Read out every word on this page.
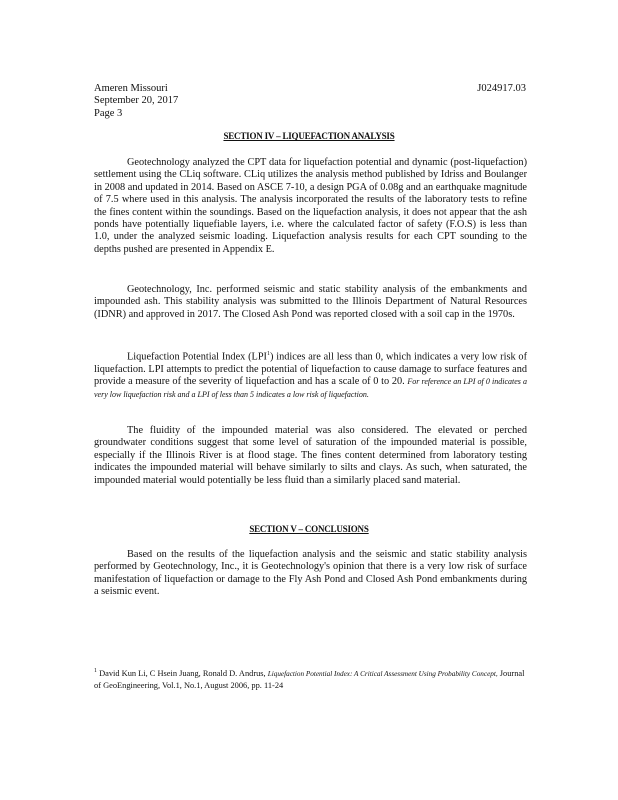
Ameren Missouri
September 20, 2017
Page 3
J024917.03
SECTION IV – LIQUEFACTION ANALYSIS
Geotechnology analyzed the CPT data for liquefaction potential and dynamic (post-liquefaction) settlement using the CLiq software. CLiq utilizes the analysis method published by Idriss and Boulanger in 2008 and updated in 2014. Based on ASCE 7-10, a design PGA of 0.08g and an earthquake magnitude of 7.5 where used in this analysis. The analysis incorporated the results of the laboratory tests to refine the fines content within the soundings. Based on the liquefaction analysis, it does not appear that the ash ponds have potentially liquefiable layers, i.e. where the calculated factor of safety (F.O.S) is less than 1.0, under the analyzed seismic loading. Liquefaction analysis results for each CPT sounding to the depths pushed are presented in Appendix E.
Geotechnology, Inc. performed seismic and static stability analysis of the embankments and impounded ash. This stability analysis was submitted to the Illinois Department of Natural Resources (IDNR) and approved in 2017. The Closed Ash Pond was reported closed with a soil cap in the 1970s.
Liquefaction Potential Index (LPI$^1$) indices are all less than 0, which indicates a very low risk of liquefaction. LPI attempts to predict the potential of liquefaction to cause damage to surface features and provide a measure of the severity of liquefaction and has a scale of 0 to 20. For reference an LPI of 0 indicates a very low liquefaction risk and a LPI of less than 5 indicates a low risk of liquefaction.
The fluidity of the impounded material was also considered. The elevated or perched groundwater conditions suggest that some level of saturation of the impounded material is possible, especially if the Illinois River is at flood stage. The fines content determined from laboratory testing indicates the impounded material will behave similarly to silts and clays. As such, when saturated, the impounded material would potentially be less fluid than a similarly placed sand material.
SECTION V – CONCLUSIONS
Based on the results of the liquefaction analysis and the seismic and static stability analysis performed by Geotechnology, Inc., it is Geotechnology's opinion that there is a very low risk of surface manifestation of liquefaction or damage to the Fly Ash Pond and Closed Ash Pond embankments during a seismic event.
$^1$ David Kun Li, C Hsein Juang, Ronald D. Andrus, Liquefaction Potential Index: A Critical Assessment Using Probability Concept, Journal of GeoEngineering, Vol.1, No.1, August 2006, pp. 11-24
